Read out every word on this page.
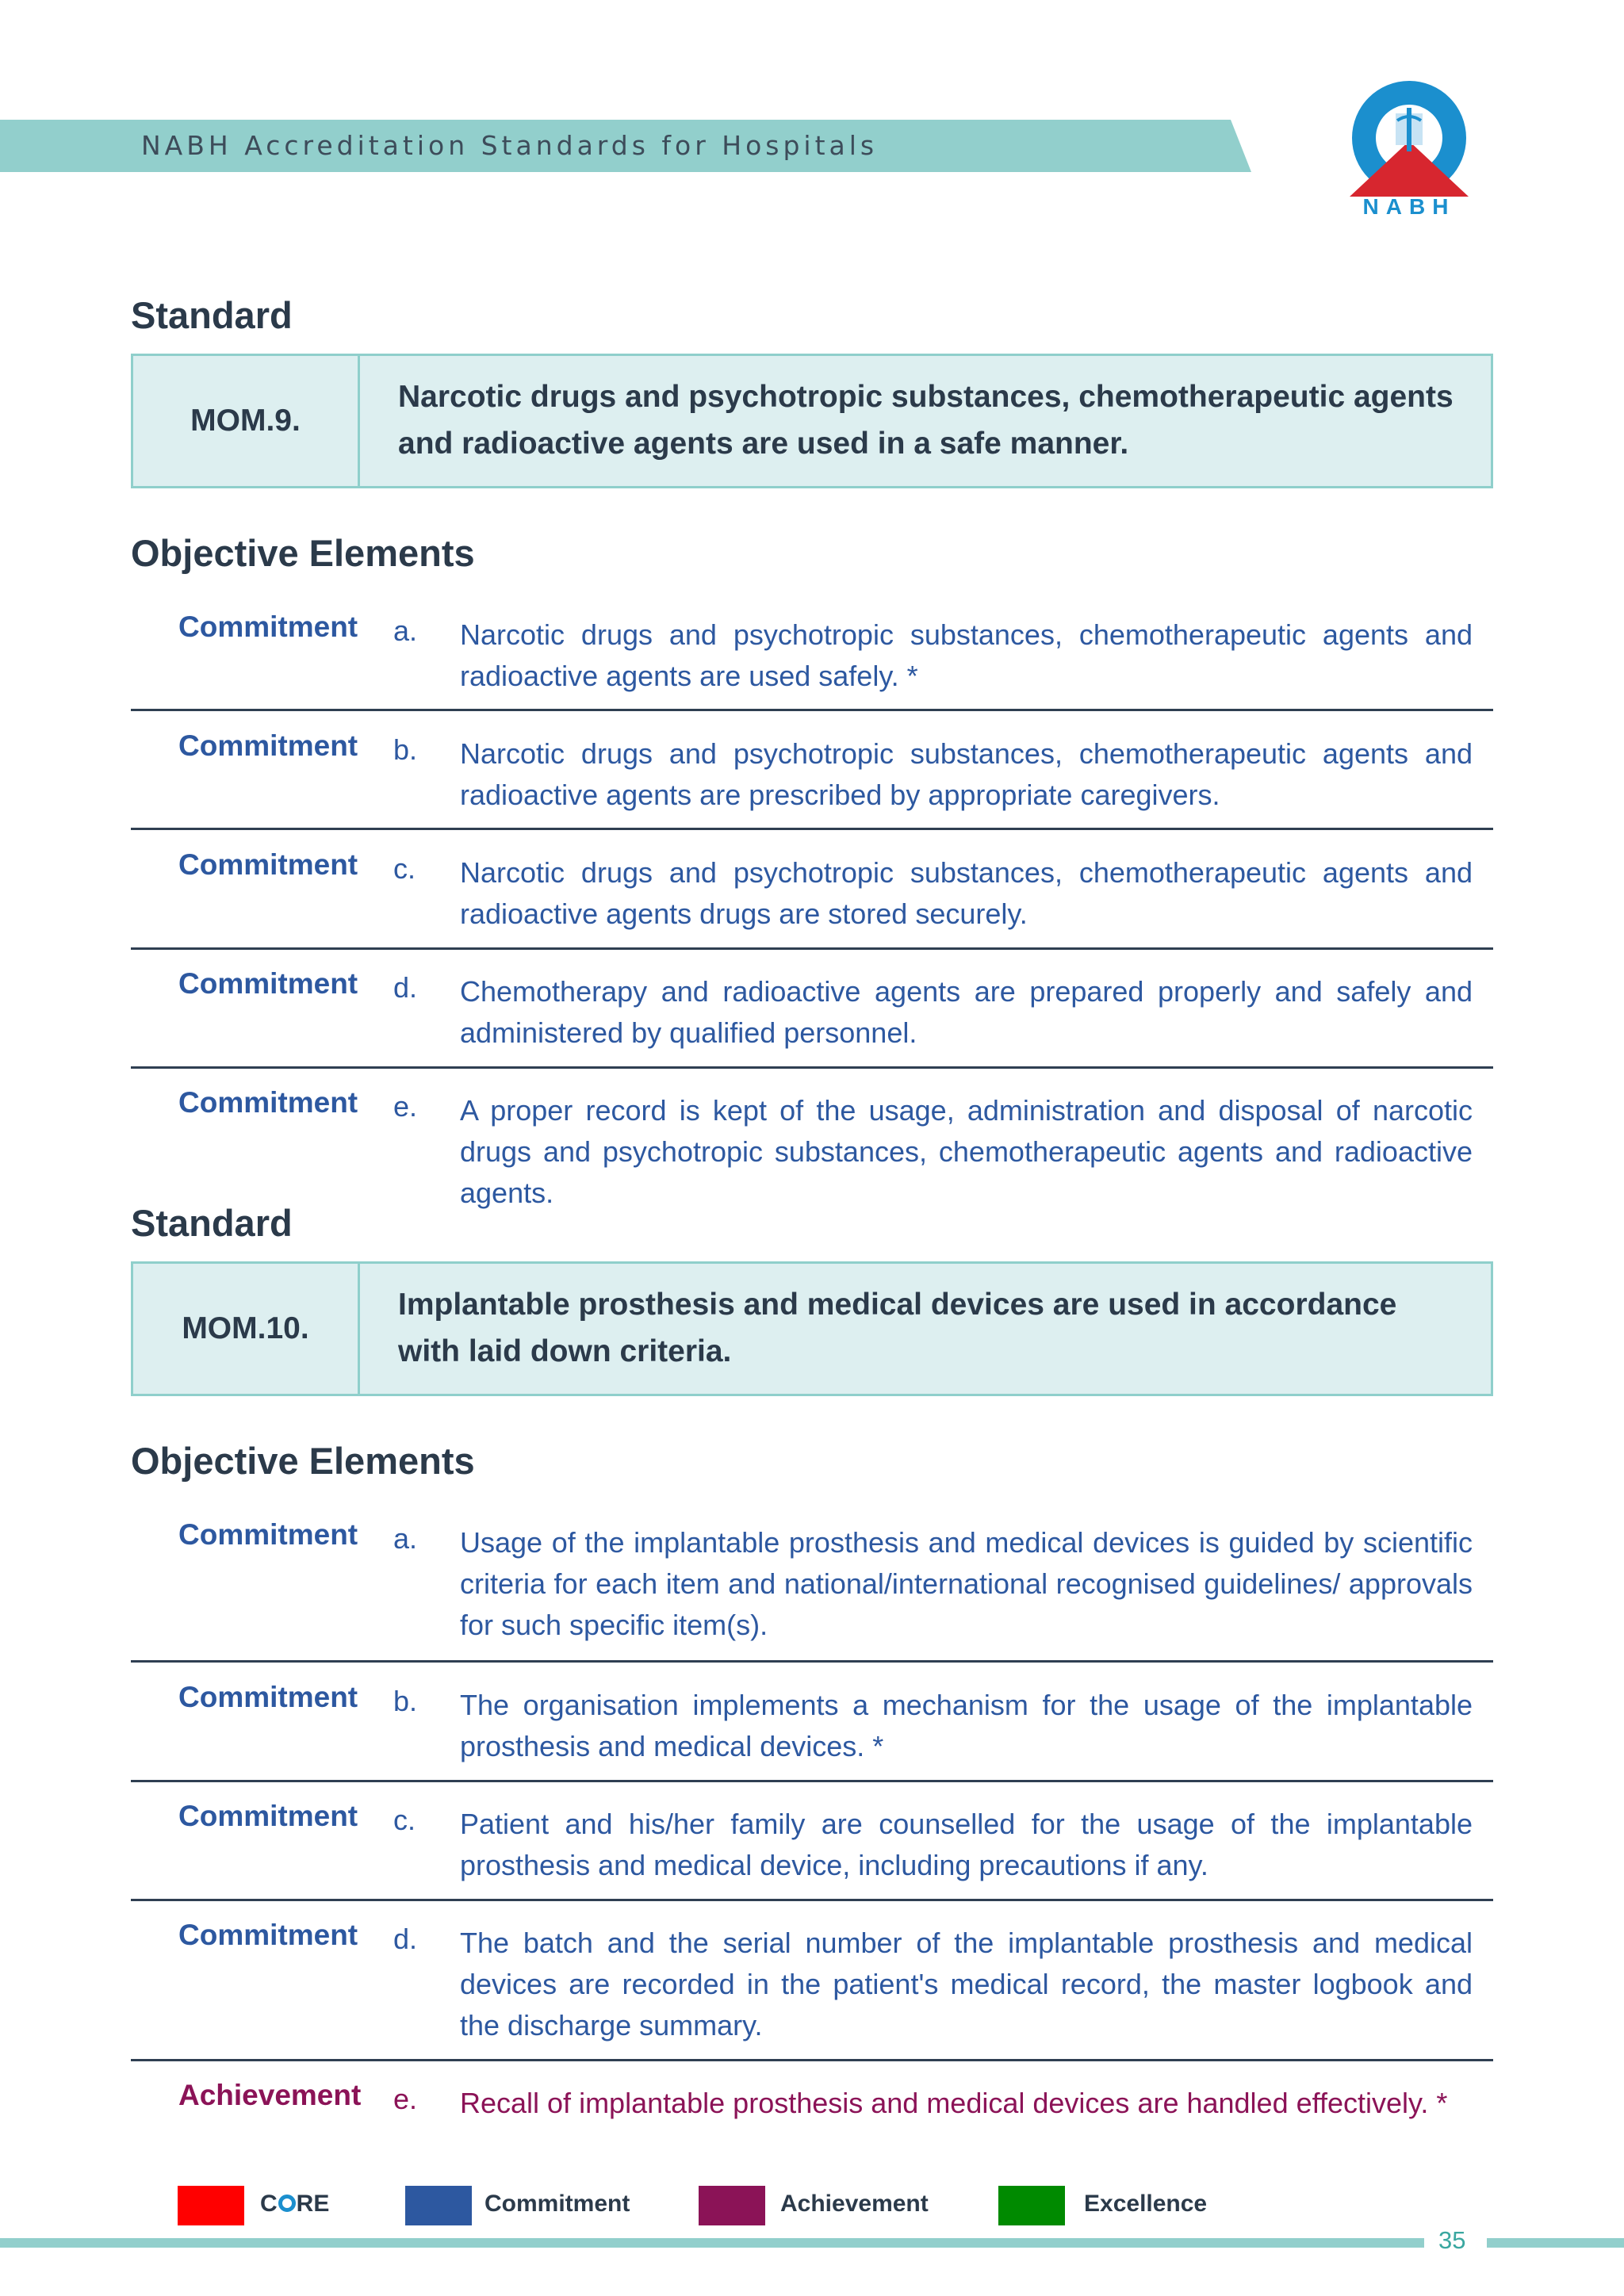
NABH Accreditation Standards for Hospitals
NABH
Standard
MOM.9.
Narcotic drugs and psychotropic substances, chemotherapeutic agents and radioactive agents are used in a safe manner.
Objective Elements
Commitment a. Narcotic drugs and psychotropic substances, chemotherapeutic agents and radioactive agents are used safely. *
Commitment b. Narcotic drugs and psychotropic substances, chemotherapeutic agents and radioactive agents are prescribed by appropriate caregivers.
Commitment c. Narcotic drugs and psychotropic substances, chemotherapeutic agents and radioactive agents drugs are stored securely.
Commitment d. Chemotherapy and radioactive agents are prepared properly and safely and administered by qualified personnel.
Commitment e. A proper record is kept of the usage, administration and disposal of narcotic drugs and psychotropic substances, chemotherapeutic agents and radioactive agents.
Standard
MOM.10.
Implantable prosthesis and medical devices are used in accordance with laid down criteria.
Objective Elements
Commitment a. Usage of the implantable prosthesis and medical devices is guided by scientific criteria for each item and national/international recognised guidelines/ approvals for such specific item(s).
Commitment b. The organisation implements a mechanism for the usage of the implantable prosthesis and medical devices. *
Commitment c. Patient and his/her family are counselled for the usage of the implantable prosthesis and medical device, including precautions if any.
Commitment d. The batch and the serial number of the implantable prosthesis and medical devices are recorded in the patient's medical record, the master logbook and the discharge summary.
Achievement e. Recall of implantable prosthesis and medical devices are handled effectively. *
C RE	Commitment	Achievement	Excellence
35
